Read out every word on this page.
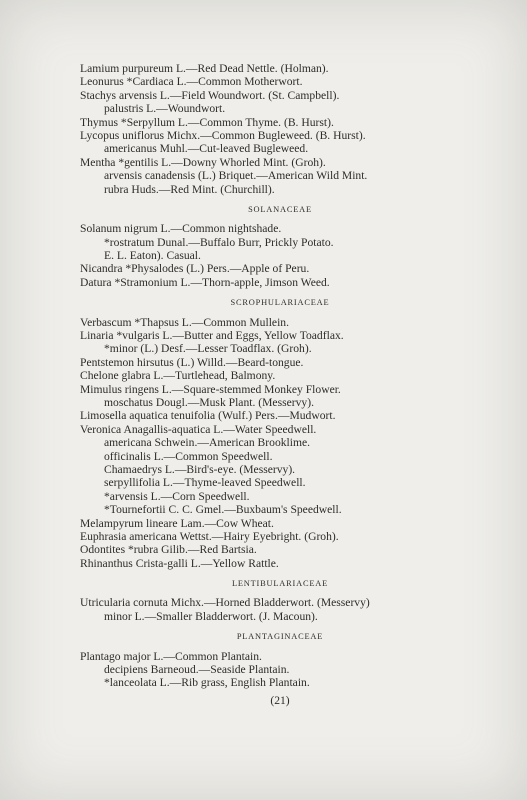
Lamium purpureum L.—Red Dead Nettle. (Holman).
Leonurus *Cardiaca L.—Common Motherwort.
Stachys arvensis L.—Field Woundwort. (St. Campbell).
palustris L.—Woundwort.
Thymus *Serpyllum L.—Common Thyme. (B. Hurst).
Lycopus uniflorus Michx.—Common Bugleweed. (B. Hurst).
americanus Muhl.—Cut-leaved Bugleweed.
Mentha *gentilis L.—Downy Whorled Mint. (Groh).
arvensis canadensis (L.) Briquet.—American Wild Mint.
rubra Huds.—Red Mint. (Churchill).
SOLANACEAE
Solanum nigrum L.—Common nightshade.
*rostratum Dunal.—Buffalo Burr, Prickly Potato.
E. L. Eaton). Casual.
Nicandra *Physalodes (L.) Pers.—Apple of Peru.
Datura *Stramonium L.—Thorn-apple, Jimson Weed.
SCROPHULARIACEAE
Verbascum *Thapsus L.—Common Mullein.
Linaria *vulgaris L.—Butter and Eggs, Yellow Toadflax.
*minor (L.) Desf.—Lesser Toadflax. (Groh).
Pentstemon hirsutus (L.) Willd.—Beard-tongue.
Chelone glabra L.—Turtlehead, Balmony.
Mimulus ringens L.—Square-stemmed Monkey Flower.
moschatus Dougl.—Musk Plant. (Messervy).
Limosella aquatica tenuifolia (Wulf.) Pers.—Mudwort.
Veronica Anagallis-aquatica L.—Water Speedwell.
americana Schwein.—American Brooklime.
officinalis L.—Common Speedwell.
Chamaedrys L.—Bird's-eye. (Messervy).
serpyllifolia L.—Thyme-leaved Speedwell.
*arvensis L.—Corn Speedwell.
*Tournefortii C. C. Gmel.—Buxbaum's Speedwell.
Melampyrum lineare Lam.—Cow Wheat.
Euphrasia americana Wettst.—Hairy Eyebright. (Groh).
Odontites *rubra Gilib.—Red Bartsia.
Rhinanthus Crista-galli L.—Yellow Rattle.
LENTIBULARIACEAE
Utricularia cornuta Michx.—Horned Bladderwort. (Messervy)
minor L.—Smaller Bladderwort. (J. Macoun).
PLANTAGINACEAE
Plantago major L.—Common Plantain.
decipiens Barneoud.—Seaside Plantain.
*lanceolata L.—Rib grass, English Plantain.
(21)
